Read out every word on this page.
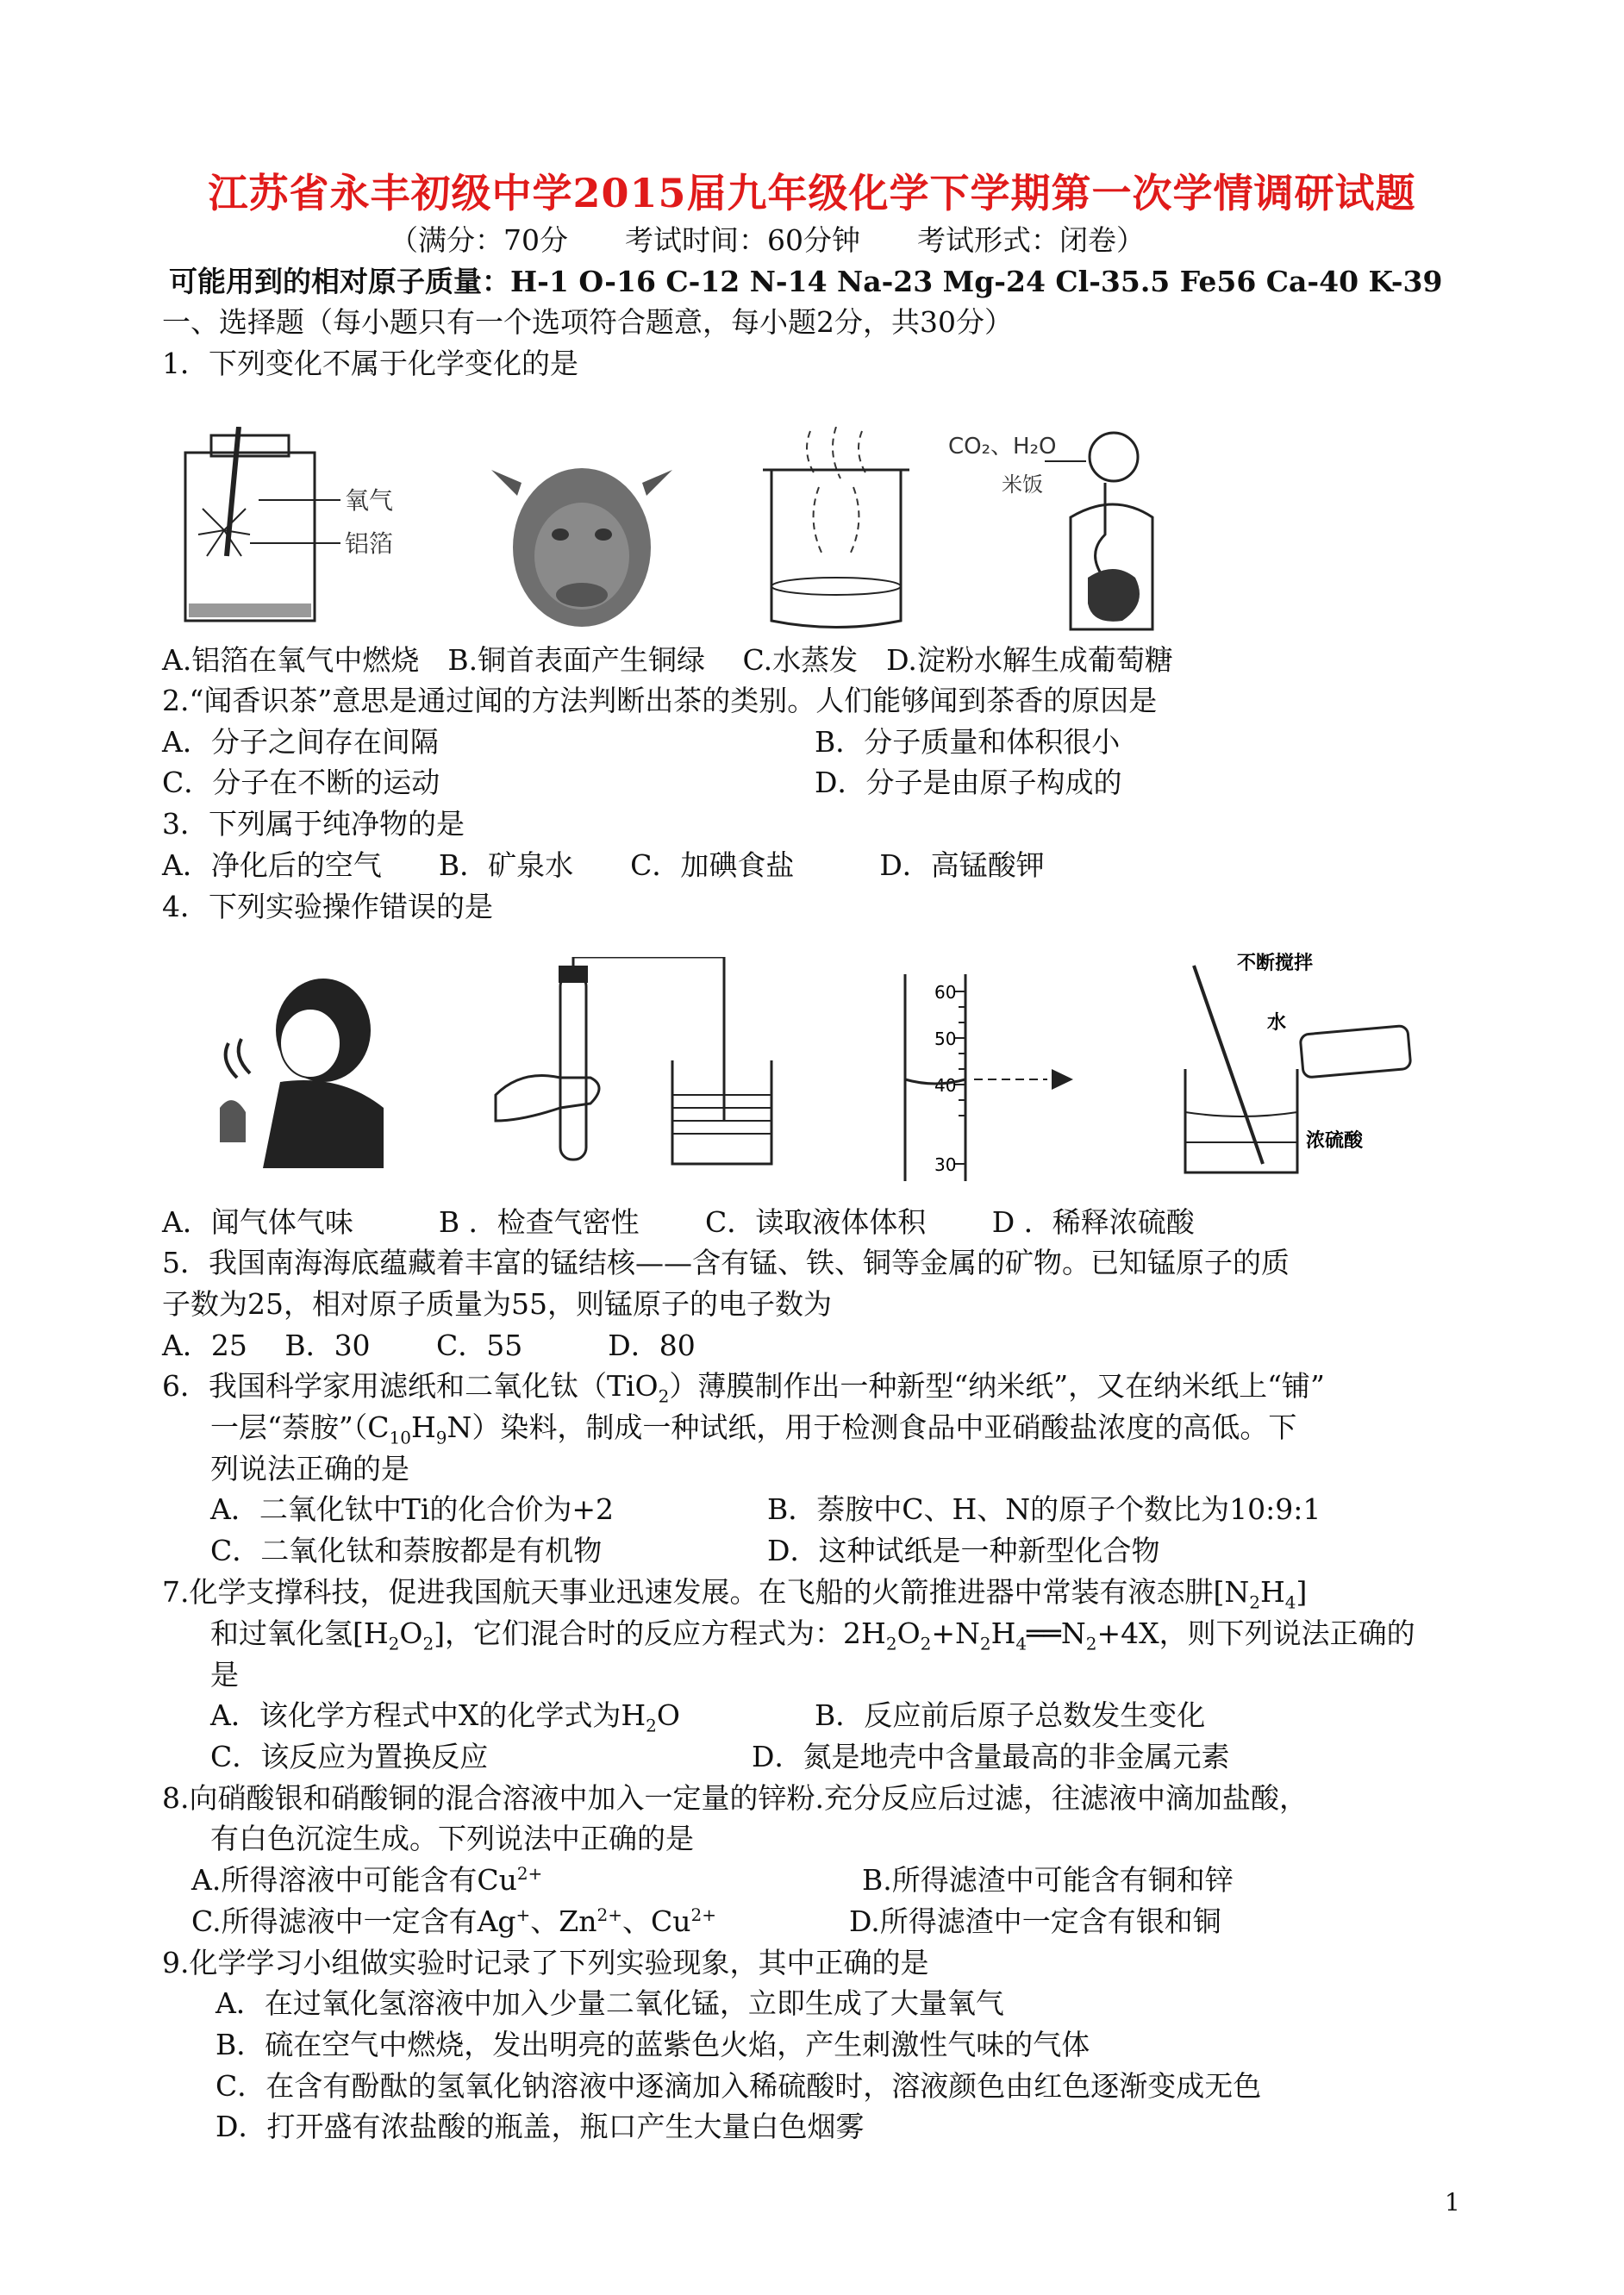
江苏省永丰初级中学2015届九年级化学下学期第一次学情调研试题
（满分：70分　　考试时间：60分钟　　考试形式：闭卷）
可能用到的相对原子质量：H-1 O-16 C-12 N-14 Na-23 Mg-24 Cl-35.5 Fe56 Ca-40 K-39
一、选择题（每小题只有一个选项符合题意，每小题2分，共30分）
1．下列变化不属于化学变化的是
氧气
铝箔
CO₂、H₂O
米饭
A.铝箔在氧气中燃烧　B.铜首表面产生铜绿　 C.水蒸发　D.淀粉水解生成葡萄糖
2.“闻香识茶”意思是通过闻的方法判断出茶的类别。人们能够闻到茶香的原因是
A．分子之间存在间隔	B．分子质量和体积很小
C．分子在不断的运动	D．分子是由原子构成的
3．下列属于纯净物的是
A．净化后的空气　　B．矿泉水　　C．加碘食盐　　　D．高锰酸钾
4．下列实验操作错误的是
60
50
40
30
不断搅拌
水
浓硫酸
A．闻气体气味　　　B ．检查气密性　　 C．读取液体体积　　 D ．稀释浓硫酸
5．我国南海海底蕴藏着丰富的锰结核——含有锰、铁、铜等金属的矿物。已知锰原子的质
子数为25，相对原子质量为55，则锰原子的电子数为
A．25　 B．30　　 C．55　　　D．80
6．我国科学家用滤纸和二氧化钛（TiO$_2$）薄膜制作出一种新型“纳米纸”，又在纳米纸上“铺”
一层“萘胺$”(C_{10}H_9N)$染料，制成一种试纸，用于检测食品中亚硝酸盐浓度的高低。下
列说法正确的是
A．二氧化钛中Ti的化合价为+2	B．萘胺中C、H、N的原子个数比为10:9:1
C．二氧化钛和萘胺都是有机物	D．这种试纸是一种新型化合物
7.化学支撑科技，促进我国航天事业迅速发展。在飞船的火箭推进器中常装有液态肼$[N_2H_4]$
和过氧化氢$[H_2O_2]$，它们混合时的反应方程式为：$2H_2O_2+N_2H_4══N_2+4X$，则下列说法正确的
是
A．该化学方程式中X的化学式为$H_2O$	B．反应前后原子总数发生变化
C．该反应为置换反应	D．氮是地壳中含量最高的非金属元素
8.向硝酸银和硝酸铜的混合溶液中加入一定量的锌粉.充分反应后过滤，往滤液中滴加盐酸，
有白色沉淀生成。下列说法中正确的是
A.所得溶液中可能含有$Cu^{2+}$	B.所得滤渣中可能含有铜和锌
C.所得滤液中一定含有Ag+、$Zn^{2+}$、$Cu^{2+}$	D.所得滤渣中一定含有银和铜
9.化学学习小组做实验时记录了下列实验现象，其中正确的是
A．在过氧化氢溶液中加入少量二氧化锰，立即生成了大量氧气
B．硫在空气中燃烧，发出明亮的蓝紫色火焰，产生刺激性气味的气体
C．在含有酚酞的氢氧化钠溶液中逐滴加入稀硫酸时，溶液颜色由红色逐渐变成无色
D．打开盛有浓盐酸的瓶盖，瓶口产生大量白色烟雾
1
